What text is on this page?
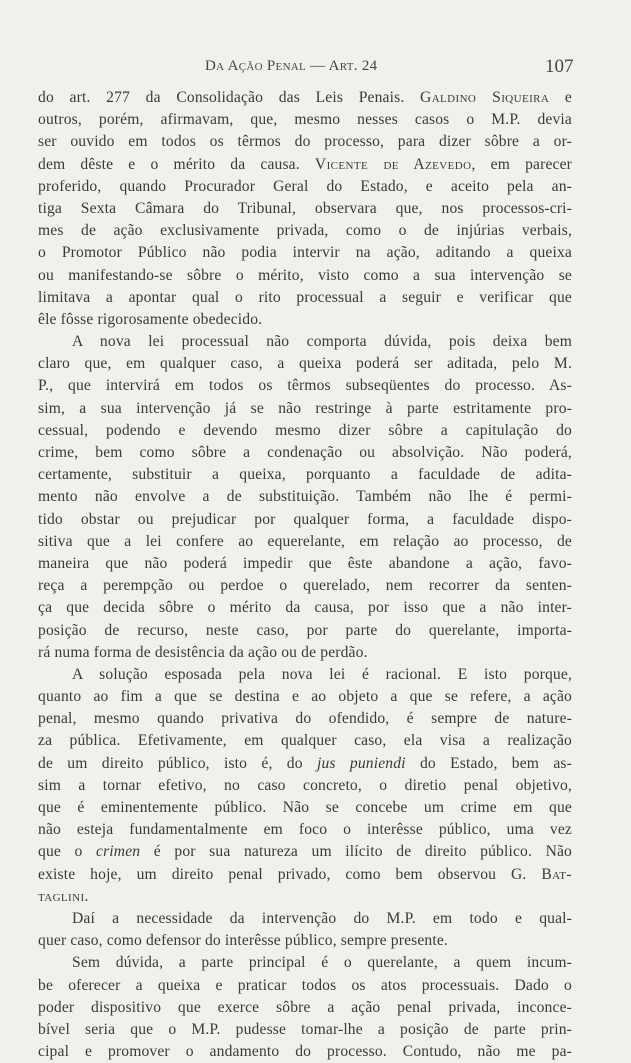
Da Ação Penal — Art. 24	107
do art. 277 da Consolidação das Leis Penais. Galdino Siqueira e
outros, porém, afirmavam, que, mesmo nesses casos o M.P. devia
ser ouvido em todos os têrmos do processo, para dizer sôbre a or-
dem dêste e o mérito da causa. Vicente de Azevedo, em parecer
proferido, quando Procurador Geral do Estado, e aceito pela an-
tiga Sexta Câmara do Tribunal, observara que, nos processos-cri-
mes de ação exclusivamente privada, como o de injúrias verbais,
o Promotor Público não podia intervir na ação, aditando a queixa
ou manifestando-se sôbre o mérito, visto como a sua intervenção se
limitava a apontar qual o rito processual a seguir e verificar que
êle fôsse rigorosamente obedecido.
A nova lei processual não comporta dúvida, pois deixa bem
claro que, em qualquer caso, a queixa poderá ser aditada, pelo M.
P., que intervirá em todos os têrmos subseqüentes do processo. As-
sim, a sua intervenção já se não restringe à parte estritamente pro-
cessual, podendo e devendo mesmo dizer sôbre a capitulação do
crime, bem como sôbre a condenação ou absolvição. Não poderá,
certamente, substituir a queixa, porquanto a faculdade de adita-
mento não envolve a de substituição. Também não lhe é permi-
tido obstar ou prejudicar por qualquer forma, a faculdade dispo-
sitiva que a lei confere ao equerelante, em relação ao processo, de
maneira que não poderá impedir que êste abandone a ação, favo-
reça a perempção ou perdoe o querelado, nem recorrer da senten-
ça que decida sôbre o mérito da causa, por isso que a não inter-
posição de recurso, neste caso, por parte do querelante, importa-
rá numa forma de desistência da ação ou de perdão.
A solução esposada pela nova lei é racional. E isto porque,
quanto ao fim a que se destina e ao objeto a que se refere, a ação
penal, mesmo quando privativa do ofendido, é sempre de nature-
za pública. Efetivamente, em qualquer caso, ela visa a realização
de um direito público, isto é, do jus puniendi do Estado, bem as-
sim a tornar efetivo, no caso concreto, o diretio penal objetivo,
que é eminentemente público. Não se concebe um crime em que
não esteja fundamentalmente em foco o interêsse público, uma vez
que o crimen é por sua natureza um ilícito de direito público. Não
existe hoje, um direito penal privado, como bem observou G. Bat-
taglini.
Daí a necessidade da intervenção do M.P. em todo e qual-
quer caso, como defensor do interêsse público, sempre presente.
Sem dúvida, a parte principal é o querelante, a quem incum-
be oferecer a queixa e praticar todos os atos processuais. Dado o
poder dispositivo que exerce sôbre a ação penal privada, inconce-
bível seria que o M.P. pudesse tomar-lhe a posição de parte prin-
cipal e promover o andamento do processo. Contudo, não me pa-
